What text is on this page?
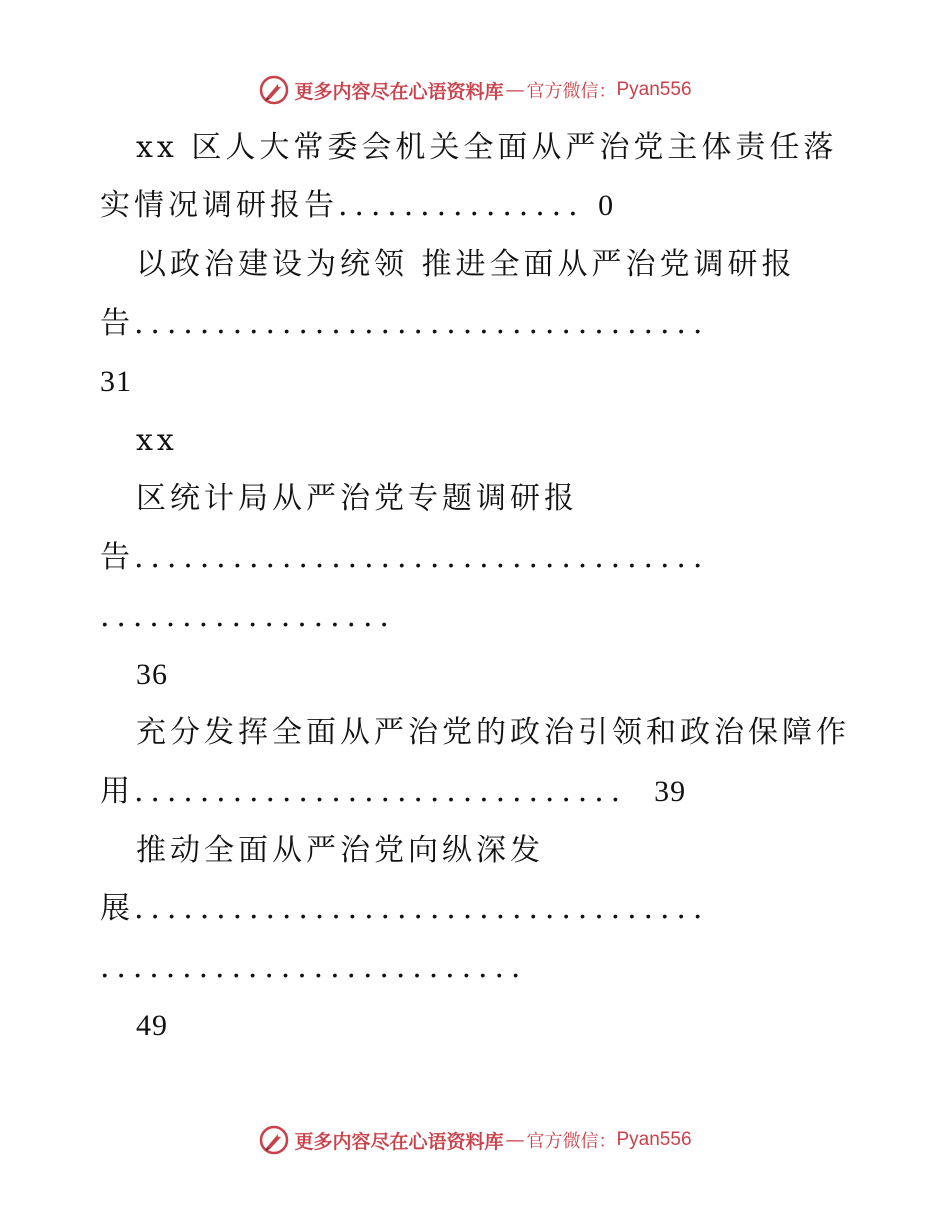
更多内容尽在心语资料库 — 官方微信： Pyan556
xx 区人大常委会机关全面从严治党主体责任落
实情况调研报告............... 0
以政治建设为统领 推进全面从严治党调研报
告...................................
31
xx
区统计局从严治党专题调研报
告...................................
..................
36
充分发挥全面从严治党的政治引领和政治保障作
用.............................. 39
推动全面从严治党向纵深发
展...................................
..........................
49
更多内容尽在心语资料库 — 官方微信： Pyan556
